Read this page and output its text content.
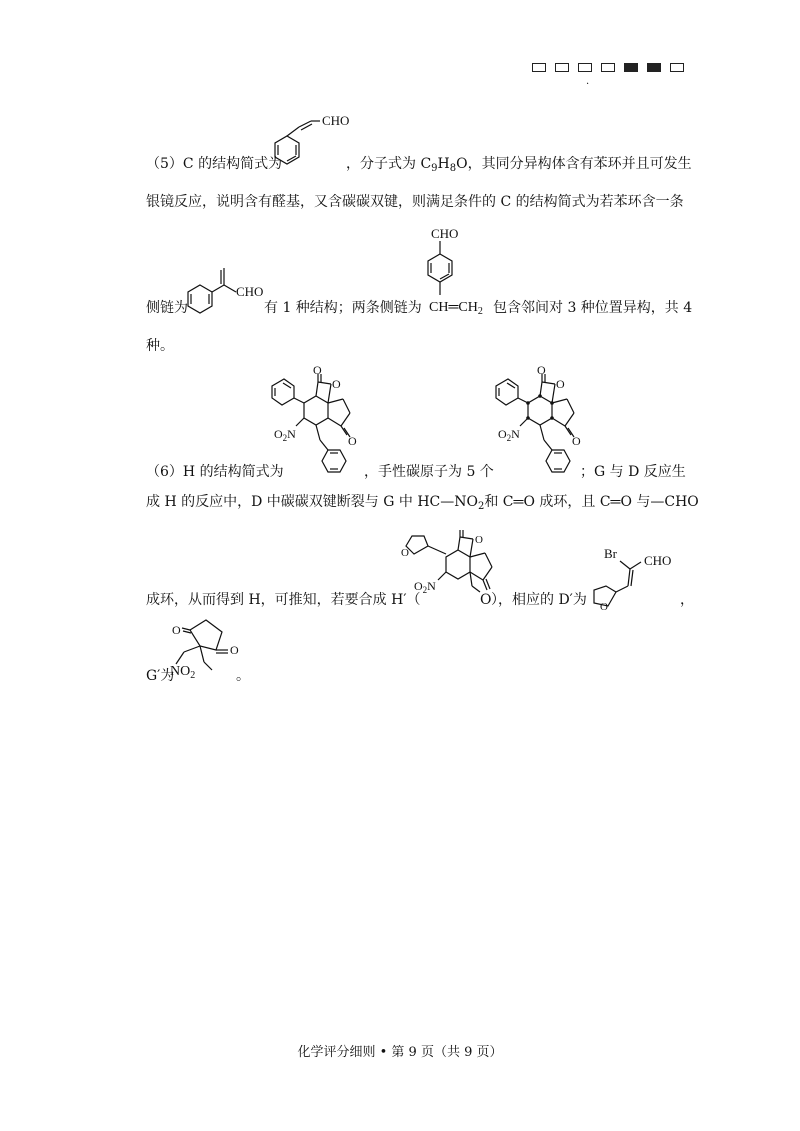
.
CHO
（5）C 的结构简式为	，分子式为 $C_9H_8O$，其同分异构体含有苯环并且可发生
银镜反应，说明含有醛基，又含碳碳双键，则满足条件的 C 的结构简式为若苯环含一条
CHO
CHO
侧链为	有 1 种结构；两条侧链为 $CH═CH_2$ 包含邻间对 3 种位置异构，共 4
种。
O
O
O
$O_2N$
O
O
O
$O_2N$
（6）H 的结构简式为	，手性碳原子为 5 个	；G 与 D 反应生
成 H 的反应中，D 中碳碳双键断裂与 G 中 $HC—NO_2$和 C═O 成环，且 C═O 与—CHO
O
O
$O_2N$
Br CHO
O
成环，从而得到 H，可推知，若要合成 H′（	O ），相应的 D′为	，
O
O
G′为
$NO_2$	。
化学评分细则 • 第 9 页（共 9 页）
